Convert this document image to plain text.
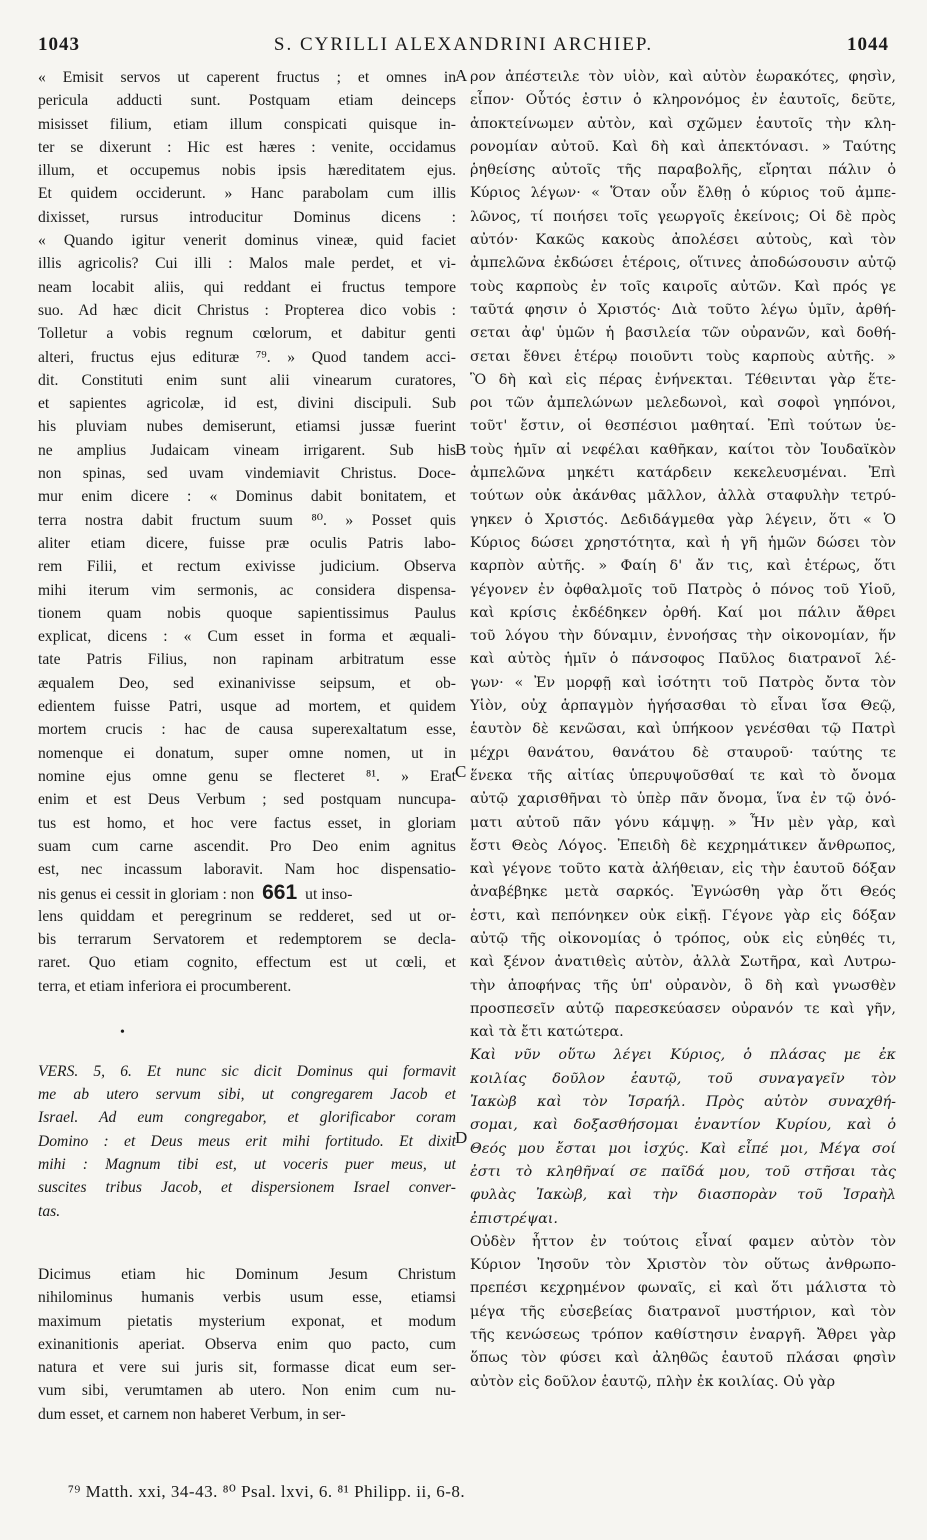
1043	S. CYRILLI ALEXANDRINI ARCHIEP.	1044
A
B
C
D
« Emisit servos ut caperent fructus ; et omnes in
pericula adducti sunt. Postquam etiam deinceps
misisset filium, etiam illum conspicati quisque in-
ter se dixerunt : Hic est hæres : venite, occidamus
illum, et occupemus nobis ipsis hæreditatem ejus.
Et quidem occiderunt. » Hanc parabolam cum illis
dixisset, rursus introducitur Dominus dicens :
« Quando igitur venerit dominus vineæ, quid faciet
illis agricolis? Cui illi : Malos male perdet, et vi-
neam locabit aliis, qui reddant ei fructus tempore
suo. Ad hæc dicit Christus : Propterea dico vobis :
Tolletur a vobis regnum cœlorum, et dabitur genti
alteri, fructus ejus edituræ ⁷⁹. » Quod tandem acci-
dit. Constituti enim sunt alii vinearum curatores,
et sapientes agricolæ, id est, divini discipuli. Sub
his pluviam nubes demiserunt, etiamsi jussæ fuerint
ne amplius Judaicam vineam irrigarent. Sub his
non spinas, sed uvam vindemiavit Christus. Doce-
mur enim dicere : « Dominus dabit bonitatem, et
terra nostra dabit fructum suum ⁸⁰. » Posset quis
aliter etiam dicere, fuisse præ oculis Patris labo-
rem Filii, et rectum exivisse judicium. Observa
mihi iterum vim sermonis, ac considera dispensa-
tionem quam nobis quoque sapientissimus Paulus
explicat, dicens : « Cum esset in forma et æquali-
tate Patris Filius, non rapinam arbitratum esse
æqualem Deo, sed exinanivisse seipsum, et ob-
edientem fuisse Patri, usque ad mortem, et quidem
mortem crucis : hac de causa superexaltatum esse,
nomenque ei donatum, super omne nomen, ut in
nomine ejus omne genu se flecteret ⁸¹. » Erat
enim et est Deus Verbum ; sed postquam nuncupa-
tus est homo, et hoc vere factus esset, in gloriam
suam cum carne ascendit. Pro Deo enim agnitus
est, nec incassum laboravit. Nam hoc dispensatio-
nis genus ei cessit in gloriam : non 661 ut inso-
lens quiddam et peregrinum se redderet, sed ut or-
bis terrarum Servatorem et redemptorem se decla-
raret. Quo etiam cognito, effectum est ut cœli, et
terra, et etiam inferiora ei procumberent.
VERS. 5, 6. Et nunc sic dicit Dominus qui formavit
me ab utero servum sibi, ut congregarem Jacob et
Israel. Ad eum congregabor, et glorificabor coram
Domino : et Deus meus erit mihi fortitudo. Et dixit
mihi : Magnum tibi est, ut voceris puer meus, ut
suscites tribus Jacob, et dispersionem Israel conver-
tas.
Dicimus etiam hic Dominum Jesum Christum
nihilominus humanis verbis usum esse, etiamsi
maximum pietatis mysterium exponat, et modum
exinanitionis aperiat. Observa enim quo pacto, cum
natura et vere sui juris sit, formasse dicat eum ser-
vum sibi, verumtamen ab utero. Non enim cum nu-
dum esset, et carnem non haberet Verbum, in ser-
•
ρον ἀπέστειλε τὸν υἱὸν, καὶ αὐτὸν ἑωρακότες, φησὶν,
εἶπον· Οὗτός ἐστιν ὁ κληρονόμος ἐν ἑαυτοῖς, δεῦτε,
ἀποκτείνωμεν αὐτὸν, καὶ σχῶμεν ἑαυτοῖς τὴν κλη-
ρονομίαν αὐτοῦ. Καὶ δὴ καὶ ἀπεκτόνασι. » Ταύτης
ῥηθείσης αὐτοῖς τῆς παραβολῆς, εἴρηται πάλιν ὁ
Κύριος λέγων· « Ὅταν οὖν ἔλθῃ ὁ κύριος τοῦ ἀμπε-
λῶνος, τί ποιήσει τοῖς γεωργοῖς ἐκείνοις; Οἱ δὲ πρὸς
αὐτόν· Κακῶς κακοὺς ἀπολέσει αὐτοὺς, καὶ τὸν
ἀμπελῶνα ἐκδώσει ἑτέροις, οἵτινες ἀποδώσουσιν αὐτῷ
τοὺς καρποὺς ἐν τοῖς καιροῖς αὐτῶν. Καὶ πρός γε
ταῦτά φησιν ὁ Χριστός· Διὰ τοῦτο λέγω ὑμῖν, ἀρθή-
σεται ἀφ' ὑμῶν ἡ βασιλεία τῶν οὐρανῶν, καὶ δοθή-
σεται ἔθνει ἑτέρῳ ποιοῦντι τοὺς καρποὺς αὐτῆς. »
Ὃ δὴ καὶ εἰς πέρας ἐνήνεκται. Τέθεινται γὰρ ἕτε-
ροι τῶν ἀμπελώνων μελεδωνοὶ, καὶ σοφοὶ γηπόνοι,
τοῦτ' ἔστιν, οἱ θεσπέσιοι μαθηταί. Ἐπὶ τούτων ὑε-
τοὺς ἡμῖν αἱ νεφέλαι καθῆκαν, καίτοι τὸν Ἰουδαϊκὸν
ἀμπελῶνα μηκέτι κατάρδειν κεκελευσμέναι. Ἐπὶ
τούτων οὐκ ἀκάνθας μᾶλλον, ἀλλὰ σταφυλὴν τετρύ-
γηκεν ὁ Χριστός. Δεδιδάγμεθα γὰρ λέγειν, ὅτι « Ὁ
Κύριος δώσει χρηστότητα, καὶ ἡ γῆ ἡμῶν δώσει τὸν
καρπὸν αὐτῆς. » Φαίη δ' ἄν τις, καὶ ἑτέρως, ὅτι
γέγονεν ἐν ὀφθαλμοῖς τοῦ Πατρὸς ὁ πόνος τοῦ Υἱοῦ,
καὶ κρίσις ἐκδέδηκεν ὀρθή. Καί μοι πάλιν ἄθρει
τοῦ λόγου τὴν δύναμιν, ἐννοήσας τὴν οἰκονομίαν, ἥν
καὶ αὐτὸς ἡμῖν ὁ πάνσοφος Παῦλος διατρανοῖ λέ-
γων· « Ἐν μορφῇ καὶ ἰσότητι τοῦ Πατρὸς ὄντα τὸν
Υἱὸν, οὐχ ἁρπαγμὸν ἡγήσασθαι τὸ εἶναι ἴσα Θεῷ,
ἑαυτὸν δὲ κενῶσαι, καὶ ὑπήκοον γενέσθαι τῷ Πατρὶ
μέχρι θανάτου, θανάτου δὲ σταυροῦ· ταύτης τε
ἕνεκα τῆς αἰτίας ὑπερυψοῦσθαί τε καὶ τὸ ὄνομα
αὐτῷ χαρισθῆναι τὸ ὑπὲρ πᾶν ὄνομα, ἵνα ἐν τῷ ὀνό-
ματι αὐτοῦ πᾶν γόνυ κάμψῃ. » Ἦν μὲν γὰρ, καὶ
ἔστι Θεὸς Λόγος. Ἐπειδὴ δὲ κεχρημάτικεν ἄνθρωπος,
καὶ γέγονε τοῦτο κατὰ ἀλήθειαν, εἰς τὴν ἑαυτοῦ δόξαν
ἀναβέβηκε μετὰ σαρκός. Ἐγνώσθη γὰρ ὅτι Θεός
ἐστι, καὶ πεπόνηκεν οὐκ εἰκῇ. Γέγονε γὰρ εἰς δόξαν
αὐτῷ τῆς οἰκονομίας ὁ τρόπος, οὐκ εἰς εὐηθές τι,
καὶ ξένον ἀνατιθεὶς αὐτὸν, ἀλλὰ Σωτῆρα, καὶ Λυτρω-
τὴν ἀποφήνας τῆς ὑπ' οὐρανὸν, ὃ δὴ καὶ γνωσθὲν
προσπεσεῖν αὐτῷ παρεσκεύασεν οὐρανόν τε καὶ γῆν,
καὶ τὰ ἔτι κατώτερα.
Καὶ νῦν οὕτω λέγει Κύριος, ὁ πλάσας με ἐκ
κοιλίας δοῦλον ἑαυτῷ, τοῦ συναγαγεῖν τὸν
Ἰακὼβ καὶ τὸν Ἰσραήλ. Πρὸς αὐτὸν συναχθή-
σομαι, καὶ δοξασθήσομαι ἐναντίον Κυρίου, καὶ ὁ
Θεός μου ἔσται μοι ἰσχύς. Καὶ εἶπέ μοι, Μέγα σοί
ἐστι τὸ κληθῆναί σε παῖδά μου, τοῦ στῆσαι τὰς
φυλὰς Ἰακὼβ, καὶ τὴν διασπορὰν τοῦ Ἰσραὴλ
ἐπιστρέψαι.
Οὐδὲν ἧττον ἐν τούτοις εἶναί φαμεν αὐτὸν τὸν
Κύριον Ἰησοῦν τὸν Χριστὸν τὸν οὕτως ἀνθρωπο-
πρεπέσι κεχρημένον φωναῖς, εἰ καὶ ὅτι μάλιστα τὸ
μέγα τῆς εὐσεβείας διατρανοῖ μυστήριον, καὶ τὸν
τῆς κενώσεως τρόπον καθίστησιν ἐναργῆ. Ἄθρει γὰρ
ὅπως τὸν φύσει καὶ ἀληθῶς ἑαυτοῦ πλάσαι φησὶν
αὐτὸν εἰς δοῦλον ἑαυτῷ, πλὴν ἐκ κοιλίας. Οὐ γὰρ
⁷⁹ Matth. xxi, 34-43. ⁸⁰ Psal. lxvi, 6. ⁸¹ Philipp. ii, 6-8.
